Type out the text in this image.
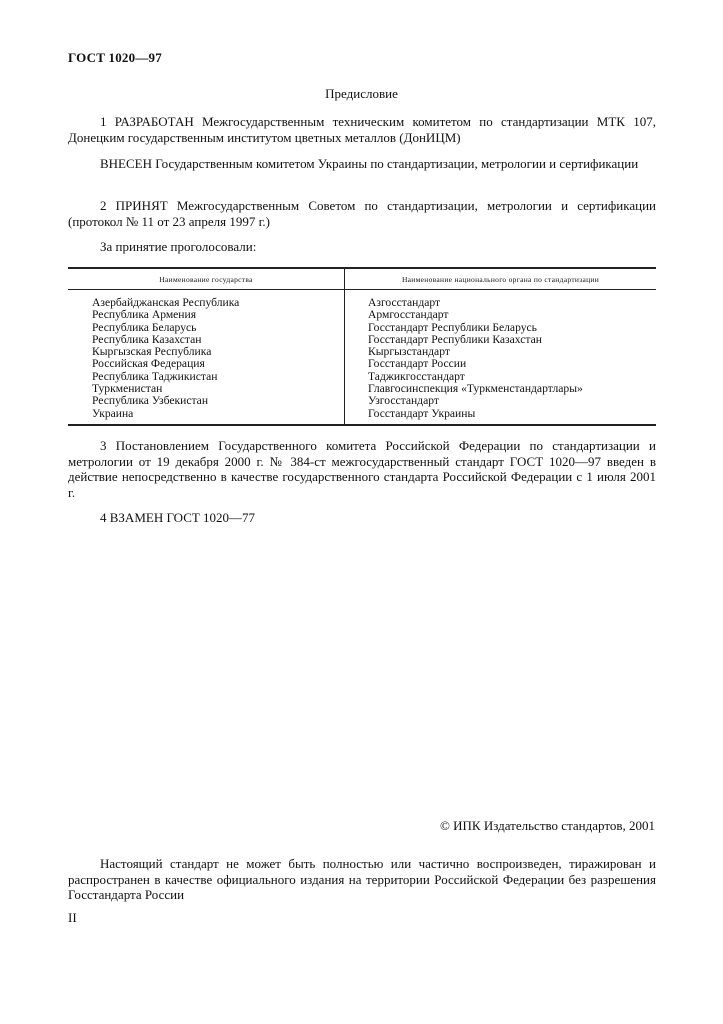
ГОСТ 1020—97
Предисловие
1 РАЗРАБОТАН Межгосударственным техническим комитетом по стандартизации МТК 107, Донецким государственным институтом цветных металлов (ДонИЦМ)
ВНЕСЕН Государственным комитетом Украины по стандартизации, метрологии и сертификации
2 ПРИНЯТ Межгосударственным Советом по стандартизации, метрологии и сертификации (протокол № 11 от 23 апреля 1997 г.)
За принятие проголосовали:
Наименование государства	Наименование национального органа по стандартизации
Азербайджанская Республика
Республика Армения
Республика Беларусь
Республика Казахстан
Кыргызская Республика
Российская Федерация
Республика Таджикистан
Туркменистан
Республика Узбекистан
Украина
Азгосстандарт
Армгосстандарт
Госстандарт Республики Беларусь
Госстандарт Республики Казахстан
Кыргызстандарт
Госстандарт России
Таджикгосстандарт
Главгосинспекция «Туркменстандартлары»
Узгосстандарт
Госстандарт Украины
3 Постановлением Государственного комитета Российской Федерации по стандартизации и метрологии от 19 декабря 2000 г. № 384-ст межгосударственный стандарт ГОСТ 1020—97 введен в действие непосредственно в качестве государственного стандарта Российской Федерации с 1 июля 2001 г.
4 ВЗАМЕН ГОСТ 1020—77
© ИПК Издательство стандартов, 2001
Настоящий стандарт не может быть полностью или частично воспроизведен, тиражирован и распространен в качестве официального издания на территории Российской Федерации без разрешения Госстандарта России
II
